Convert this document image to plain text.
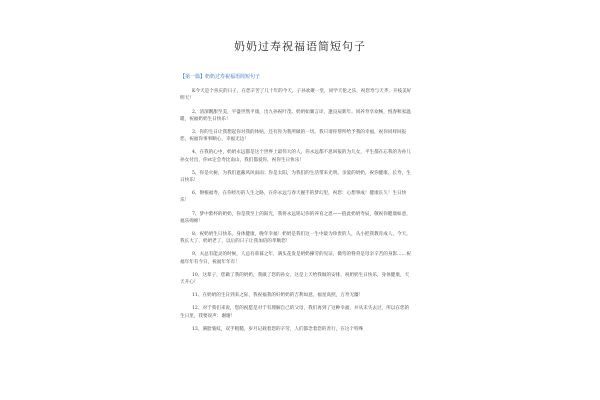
奶奶过寿祝福语简短句子
【第一篇】奶奶过寿祝福语简短句子

K今天是个喜庆的日子，在您辛苦了几十年的今天，子孙欢聚一堂，同学天伦之乐，祝您寿与天齐，开枝美好明天！

2、清深醒甜至美，平盛世然平康，出九孙祝叶茂。奶奶如翼言详，逢良辰新年。同养寿享欢畅，悦春秋家温暖，祝福奶奶生日快乐！

3、你的生日让我想起你对我的体贴，还有你为我所做的一切。我只请你帮所给予我的幸福，祝你同样回报您，祝福你事事顺心，幸福无边！

4、在我的心中，奶奶永远都是这个世界上最伟大的人，你永远都不思回报的为儿女，平生都在忘我的为孙儿孙女付出，你vt定会寿比南山，我们都爱你，祝你生日快乐！

5、你是火树，为我们遮蔽风风雨雨；你是太阳，为我们的生活带来光明。亲爱的奶奶，祝你健康、长寿，生日快乐！

6、磐根福寿，在你经历的人生之路，在你永远与春天握手的梦幻里，祝您：心想事成！健康长久！生日快乐！

7、梦中紫杯的奶奶，你是我至上的阳光，我将永远铭记你的养育之恩——值此奶奶寿辰，敬祝你健康如意，福乐绵绵！

8、祝奶奶生日快乐，身体健康，晚年幸福！奶奶是我们这一生中最为珍贵的人，从小把我教育成人，今天，我长大了，奶奶老了，以后的日子让我加倍的孝顺您！

9、夫总有能灵的时候，人总有垂暮之年，满头花发是奶奶操劳的见证，微弯的脊背是母亲辛苦的身影……祝福年年有今日，祝福年年有！

10、这辈子，您做了我的奶奶，我做了您的孙女，这是上天给我做的安排，祝奶奶生日快乐，身体健康，天天开心！

11、在奶奶的生日到来之际，我祝福我的好奶奶的吉利如意，福星高照，万寿无疆！

12、对于我们来说，您的祝愿是对于有理解自己的父母，我们再到了这种幸福，并从未失去过，所以在您的生日里，我要说声：谢谢！

13、满脸皱纹，双手粗糙，岁月记载着您的辛劳，人们都念着您的善行，在这个特殊
